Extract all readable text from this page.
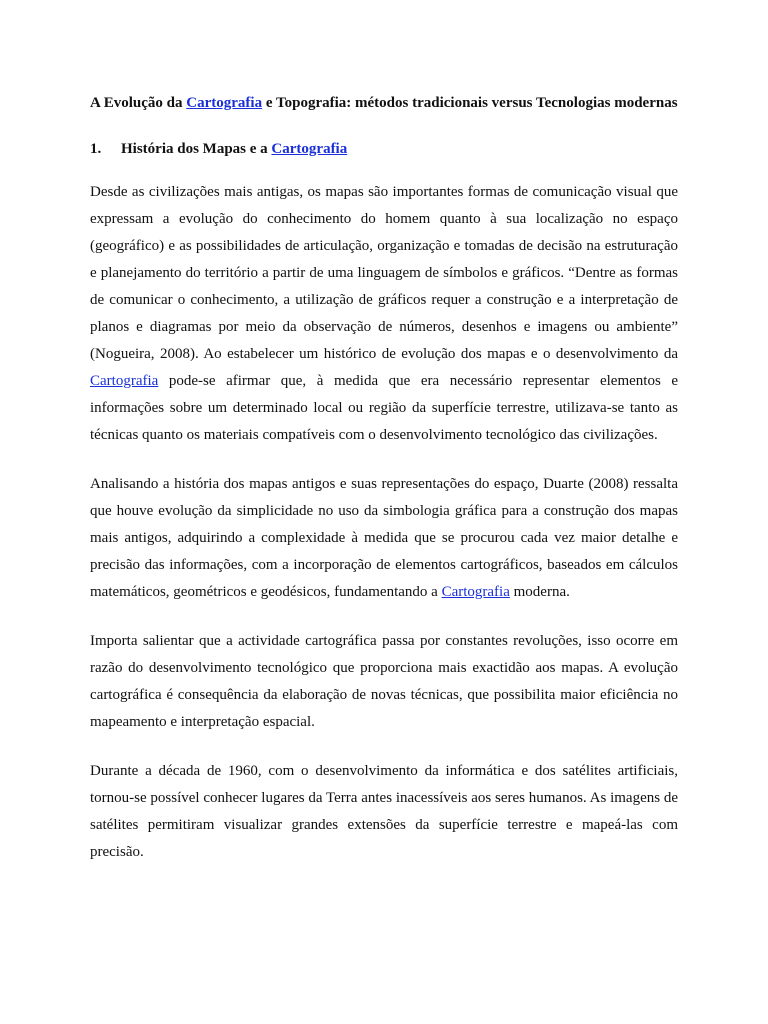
A Evolução da Cartografia e Topografia: métodos tradicionais versus Tecnologias modernas

1. História dos Mapas e a Cartografia

Desde as civilizações mais antigas, os mapas são importantes formas de comunicação visual que expressam a evolução do conhecimento do homem quanto à sua localização no espaço (geográfico) e as possibilidades de articulação, organização e tomadas de decisão na estruturação e planejamento do território a partir de uma linguagem de símbolos e gráficos. “Dentre as formas de comunicar o conhecimento, a utilização de gráficos requer a construção e a interpretação de planos e diagramas por meio da observação de números, desenhos e imagens ou ambiente” (Nogueira, 2008). Ao estabelecer um histórico de evolução dos mapas e o desenvolvimento da Cartografia pode-se afirmar que, à medida que era necessário representar elementos e informações sobre um determinado local ou região da superfície terrestre, utilizava-se tanto as técnicas quanto os materiais compatíveis com o desenvolvimento tecnológico das civilizações.

Analisando a história dos mapas antigos e suas representações do espaço, Duarte (2008) ressalta que houve evolução da simplicidade no uso da simbologia gráfica para a construção dos mapas mais antigos, adquirindo a complexidade à medida que se procurou cada vez maior detalhe e precisão das informações, com a incorporação de elementos cartográficos, baseados em cálculos matemáticos, geométricos e geodésicos, fundamentando a Cartografia moderna.

Importa salientar que a actividade cartográfica passa por constantes revoluções, isso ocorre em razão do desenvolvimento tecnológico que proporciona mais exactidão aos mapas. A evolução cartográfica é consequência da elaboração de novas técnicas, que possibilita maior eficiência no mapeamento e interpretação espacial.

Durante a década de 1960, com o desenvolvimento da informática e dos satélites artificiais, tornou-se possível conhecer lugares da Terra antes inacessíveis aos seres humanos. As imagens de satélites permitiram visualizar grandes extensões da superfície terrestre e mapeá-las com precisão.
